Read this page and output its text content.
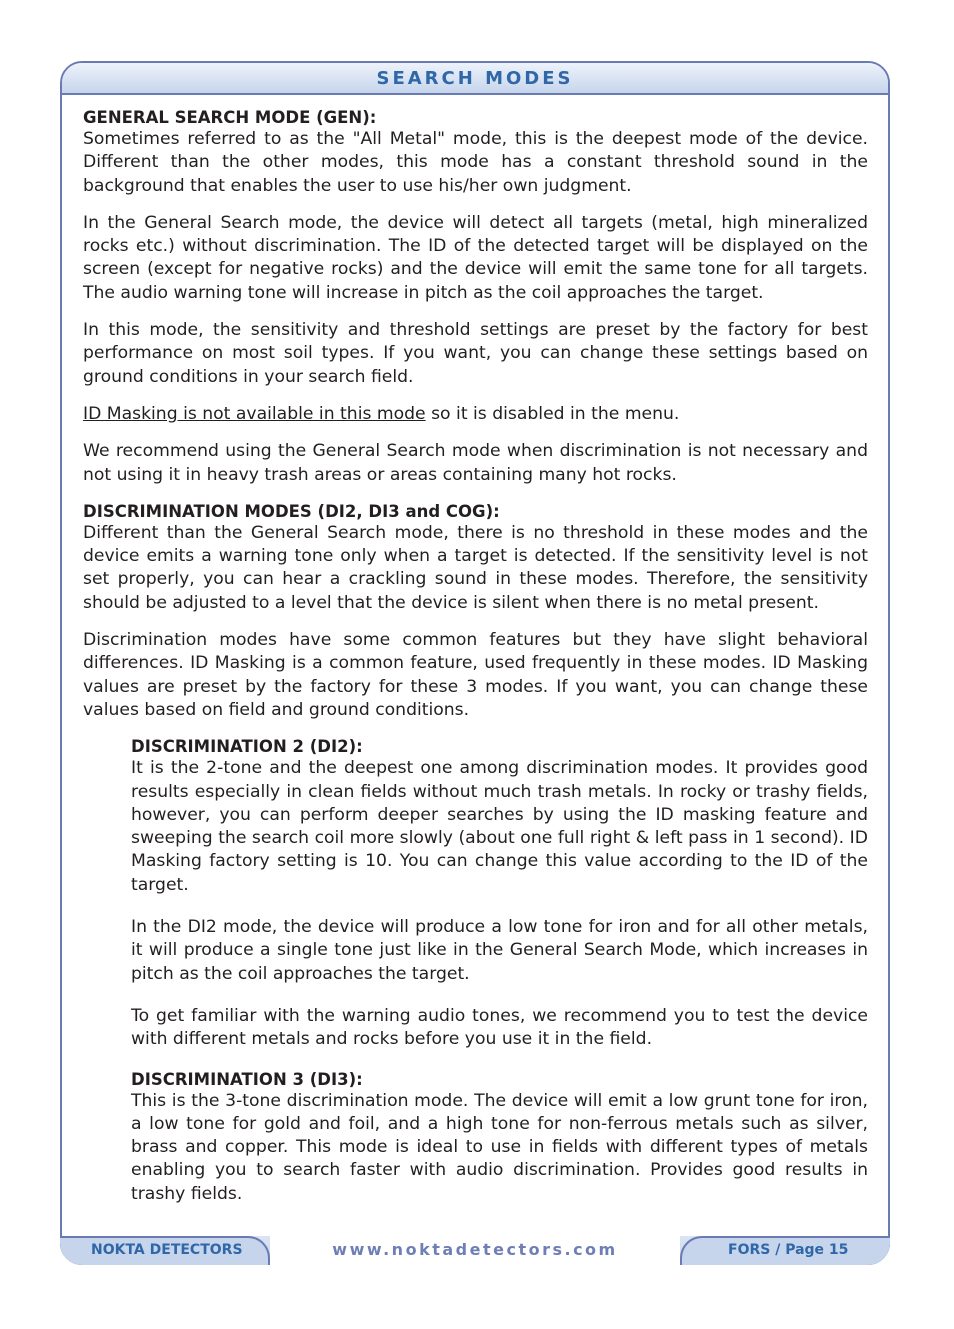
SEARCH MODES
GENERAL SEARCH MODE (GEN):

Sometimes referred to as the "All Metal" mode, this is the deepest mode of the device. Different than the other modes, this mode has a constant threshold sound in the background that enables the user to use his/her own judgment.

In the General Search mode, the device will detect all targets (metal, high mineralized rocks etc.) without discrimination. The ID of the detected target will be displayed on the screen (except for negative rocks) and the device will emit the same tone for all targets. The audio warning tone will increase in pitch as the coil approaches the target.

In this mode, the sensitivity and threshold settings are preset by the factory for best performance on most soil types. If you want, you can change these settings based on ground conditions in your search field.

ID Masking is not available in this mode so it is disabled in the menu.

We recommend using the General Search mode when discrimination is not necessary and not using it in heavy trash areas or areas containing many hot rocks.

DISCRIMINATION MODES (DI2, DI3 and COG):

Different than the General Search mode, there is no threshold in these modes and the device emits a warning tone only when a target is detected. If the sensitivity level is not set properly, you can hear a crackling sound in these modes. Therefore, the sensitivity should be adjusted to a level that the device is silent when there is no metal present.

Discrimination modes have some common features but they have slight behavioral differences. ID Masking is a common feature, used frequently in these modes. ID Masking values are preset by the factory for these 3 modes. If you want, you can change these values based on field and ground conditions.

DISCRIMINATION 2 (DI2):

It is the 2-tone and the deepest one among discrimination modes. It provides good results especially in clean fields without much trash metals. In rocky or trashy fields, however, you can perform deeper searches by using the ID masking feature and sweeping the search coil more slowly (about one full right & left pass in 1 second). ID Masking factory setting is 10. You can change this value according to the ID of the target.

In the DI2 mode, the device will produce a low tone for iron and for all other metals, it will produce a single tone just like in the General Search Mode, which increases in pitch as the coil approaches the target.

To get familiar with the warning audio tones, we recommend you to test the device with different metals and rocks before you use it in the field.

DISCRIMINATION 3 (DI3):

This is the 3-tone discrimination mode. The device will emit a low grunt tone for iron, a low tone for gold and foil, and a high tone for non-ferrous metals such as silver, brass and copper. This mode is ideal to use in fields with different types of metals enabling you to search faster with audio discrimination. Provides good results in trashy fields.

NOKTA DETECTORS	www.noktadetectors.com	FORS / Page 15
